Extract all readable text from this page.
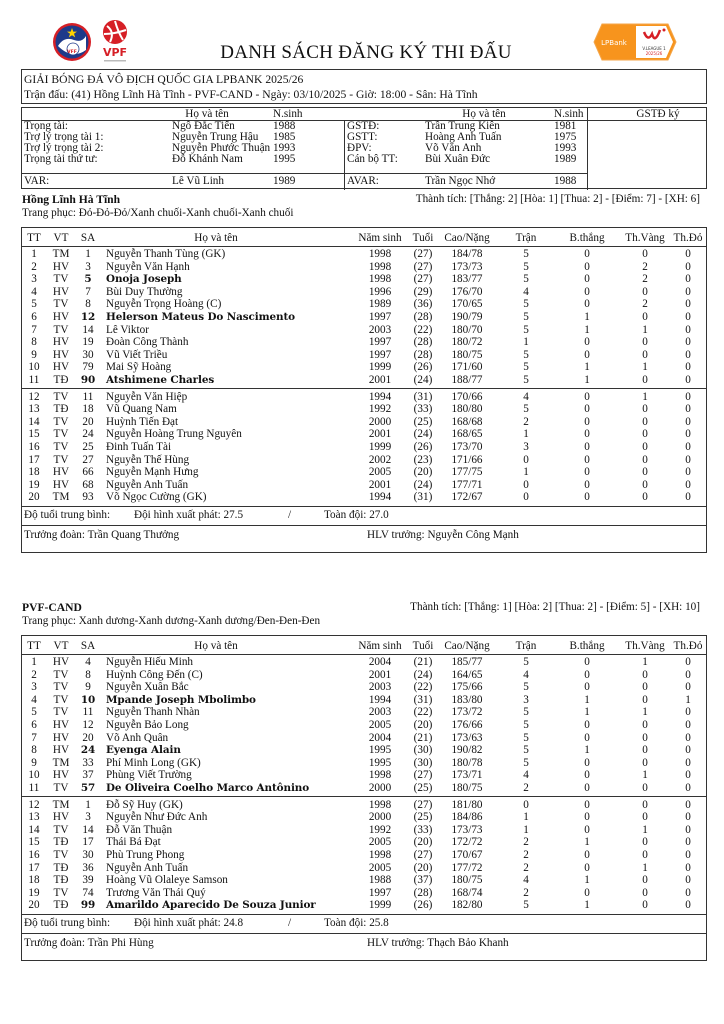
VFF VPF	DANH SÁCH ĐĂNG KÝ THI ĐẤU	LPBank
V.LEAGUE 1
2025/26
GIẢI BÓNG ĐÁ VÔ ĐỊCH QUỐC GIA LPBANK 2025/26
Trận đấu: (41) Hồng Lĩnh Hà Tĩnh - PVF-CAND - Ngày: 03/10/2025 - Giờ: 18:00 - Sân: Hà Tĩnh
Họ và tên	N.sinh	Họ và tên	N.sinh	GSTĐ ký
Trọng tài:	Ngô Đắc Tiến	1988
Trợ lý trọng tài 1:	Nguyễn Trung Hậu 1985
Trợ lý trọng tài 2:	Nguyễn Phước Thuận 1993
Trọng tài thứ tư:	Đỗ Khánh Nam	1995
VAR:	Lê Vũ Linh	1989
GSTĐ:	Trần Trung Kiên	1981
GSTT:	Hoàng Anh Tuấn	1975
ĐPV:	Võ Văn Anh	1993
Cán bộ TT: Bùi Xuân Đức	1989
AVAR:	Trần Ngọc Nhớ	1988
Hồng Lĩnh Hà Tĩnh	Thành tích: [Thắng: 2] [Hòa: 1] [Thua: 2] - [Điểm: 7] - [XH: 6]
Trang phục: Đỏ-Đỏ-Đỏ/Xanh chuối-Xanh chuối-Xanh chuối
TT	VT	SA	Họ và tên	Năm sinh Tuổi Cao/Nặng	Trận	B.thắng	Th.Vàng Th.Đỏ
1	TM	1	Nguyễn Thanh Tùng (GK)	1998	(27)	184/78	5	0	0	0
2	HV	3	Nguyễn Văn Hạnh	1998	(27)	173/73	5	0	2	0
3	TV	5	Onoja Joseph	1998	(27)	183/77	5	0	2	0
4	HV	7	Bùi Duy Thường	1996	(29)	176/70	4	0	0	0
5	TV	8	Nguyễn Trọng Hoàng (C)	1989	(36)	170/65	5	0	2	0
6	HV	12	Helerson Mateus Do Nascimento	1997	(28)	190/79	5	1	0	0
7	TV	14	Lê Viktor	2003	(22)	180/70	5	1	1	0
8	HV	19	Đoàn Công Thành	1997	(28)	180/72	1	0	0	0
9	HV	30	Vũ Viết Triều	1997	(28)	180/75	5	0	0	0
10	HV	79	Mai Sỹ Hoàng	1999	(26)	171/60	5	1	1	0
11	TĐ	90	Atshimene Charles	2001	(24)	188/77	5	1	0	0
12	TV	11	Nguyễn Văn Hiệp	1994	(31)	170/66	4	0	1	0
13	TĐ	18	Vũ Quang Nam	1992	(33)	180/80	5	0	0	0
14	TV	20	Huỳnh Tiến Đạt	2000	(25)	168/68	2	0	0	0
15	TV	24	Nguyễn Hoàng Trung Nguyên	2001	(24)	168/65	1	0	0	0
16	TV	25	Đinh Tuấn Tài	1999	(26)	173/70	3	0	0	0
17	TV	27	Nguyễn Thế Hùng	2002	(23)	171/66	0	0	0	0
18	HV	66	Nguyễn Mạnh Hưng	2005	(20)	177/75	1	0	0	0
19	HV	68	Nguyễn Anh Tuấn	2001	(24)	177/71	0	0	0	0
20	TM	93	Võ Ngọc Cường (GK)	1994	(31)	172/67	0	0	0	0
Độ tuổi trung bình: Đội hình xuất phát: 27.5	/	Toàn đội: 27.0
Trưởng đoàn: Trần Quang Thưởng	HLV trưởng: Nguyễn Công Mạnh
PVF-CAND	Thành tích: [Thắng: 1] [Hòa: 2] [Thua: 2] - [Điểm: 5] - [XH: 10]
Trang phục: Xanh dương-Xanh dương-Xanh dương/Đen-Đen-Đen
TT	VT	SA	Họ và tên	Năm sinh Tuổi Cao/Nặng	Trận	B.thắng	Th.Vàng Th.Đỏ
1	HV	4	Nguyễn Hiếu Minh	2004	(21)	185/77	5	0	1	0
2	TV	8	Huỳnh Công Đến (C)	2001	(24)	164/65	4	0	0	0
3	TV	9	Nguyễn Xuân Bắc	2003	(22)	175/66	5	0	0	0
4	TV	10	Mpande Joseph Mbolimbo	1994	(31)	183/80	3	1	0	1
5	TV	11	Nguyễn Thanh Nhàn	2003	(22)	173/72	5	1	1	0
6	HV	12	Nguyễn Bảo Long	2005	(20)	176/66	5	0	0	0
7	HV	20	Võ Anh Quân	2004	(21)	173/63	5	0	0	0
8	HV	24	Eyenga Alain	1995	(30)	190/82	5	1	0	0
9	TM	33	Phí Minh Long (GK)	1995	(30)	180/78	5	0	0	0
10	HV	37	Phùng Viết Trường	1998	(27)	173/71	4	0	1	0
11	TV	57	De Oliveira Coelho Marco Antônino	2000	(25)	180/75	2	0	0	0
12	TM	1	Đỗ Sỹ Huy (GK)	1998	(27)	181/80	0	0	0	0
13	HV	3	Nguyễn Như Đức Anh	2000	(25)	184/86	1	0	0	0
14	TV	14	Đỗ Văn Thuận	1992	(33)	173/73	1	0	1	0
15	TĐ	17	Thái Bá Đạt	2005	(20)	172/72	2	1	0	0
16	TV	30	Phù Trung Phong	1998	(27)	170/67	2	0	0	0
17	TĐ	36	Nguyễn Anh Tuấn	2005	(20)	177/72	2	0	1	0
18	TĐ	39	Hoàng Vũ Olaleye Samson	1988	(37)	180/75	4	1	0	0
19	TV	74	Trương Văn Thái Quý	1997	(28)	168/74	2	0	0	0
20	TĐ	99	Amarildo Aparecido De Souza Junior	1999	(26)	182/80	5	1	0	0
Độ tuổi trung bình: Đội hình xuất phát: 24.8	/	Toàn đội: 25.8
Trưởng đoàn: Trần Phi Hùng	HLV trưởng: Thạch Bảo Khanh
